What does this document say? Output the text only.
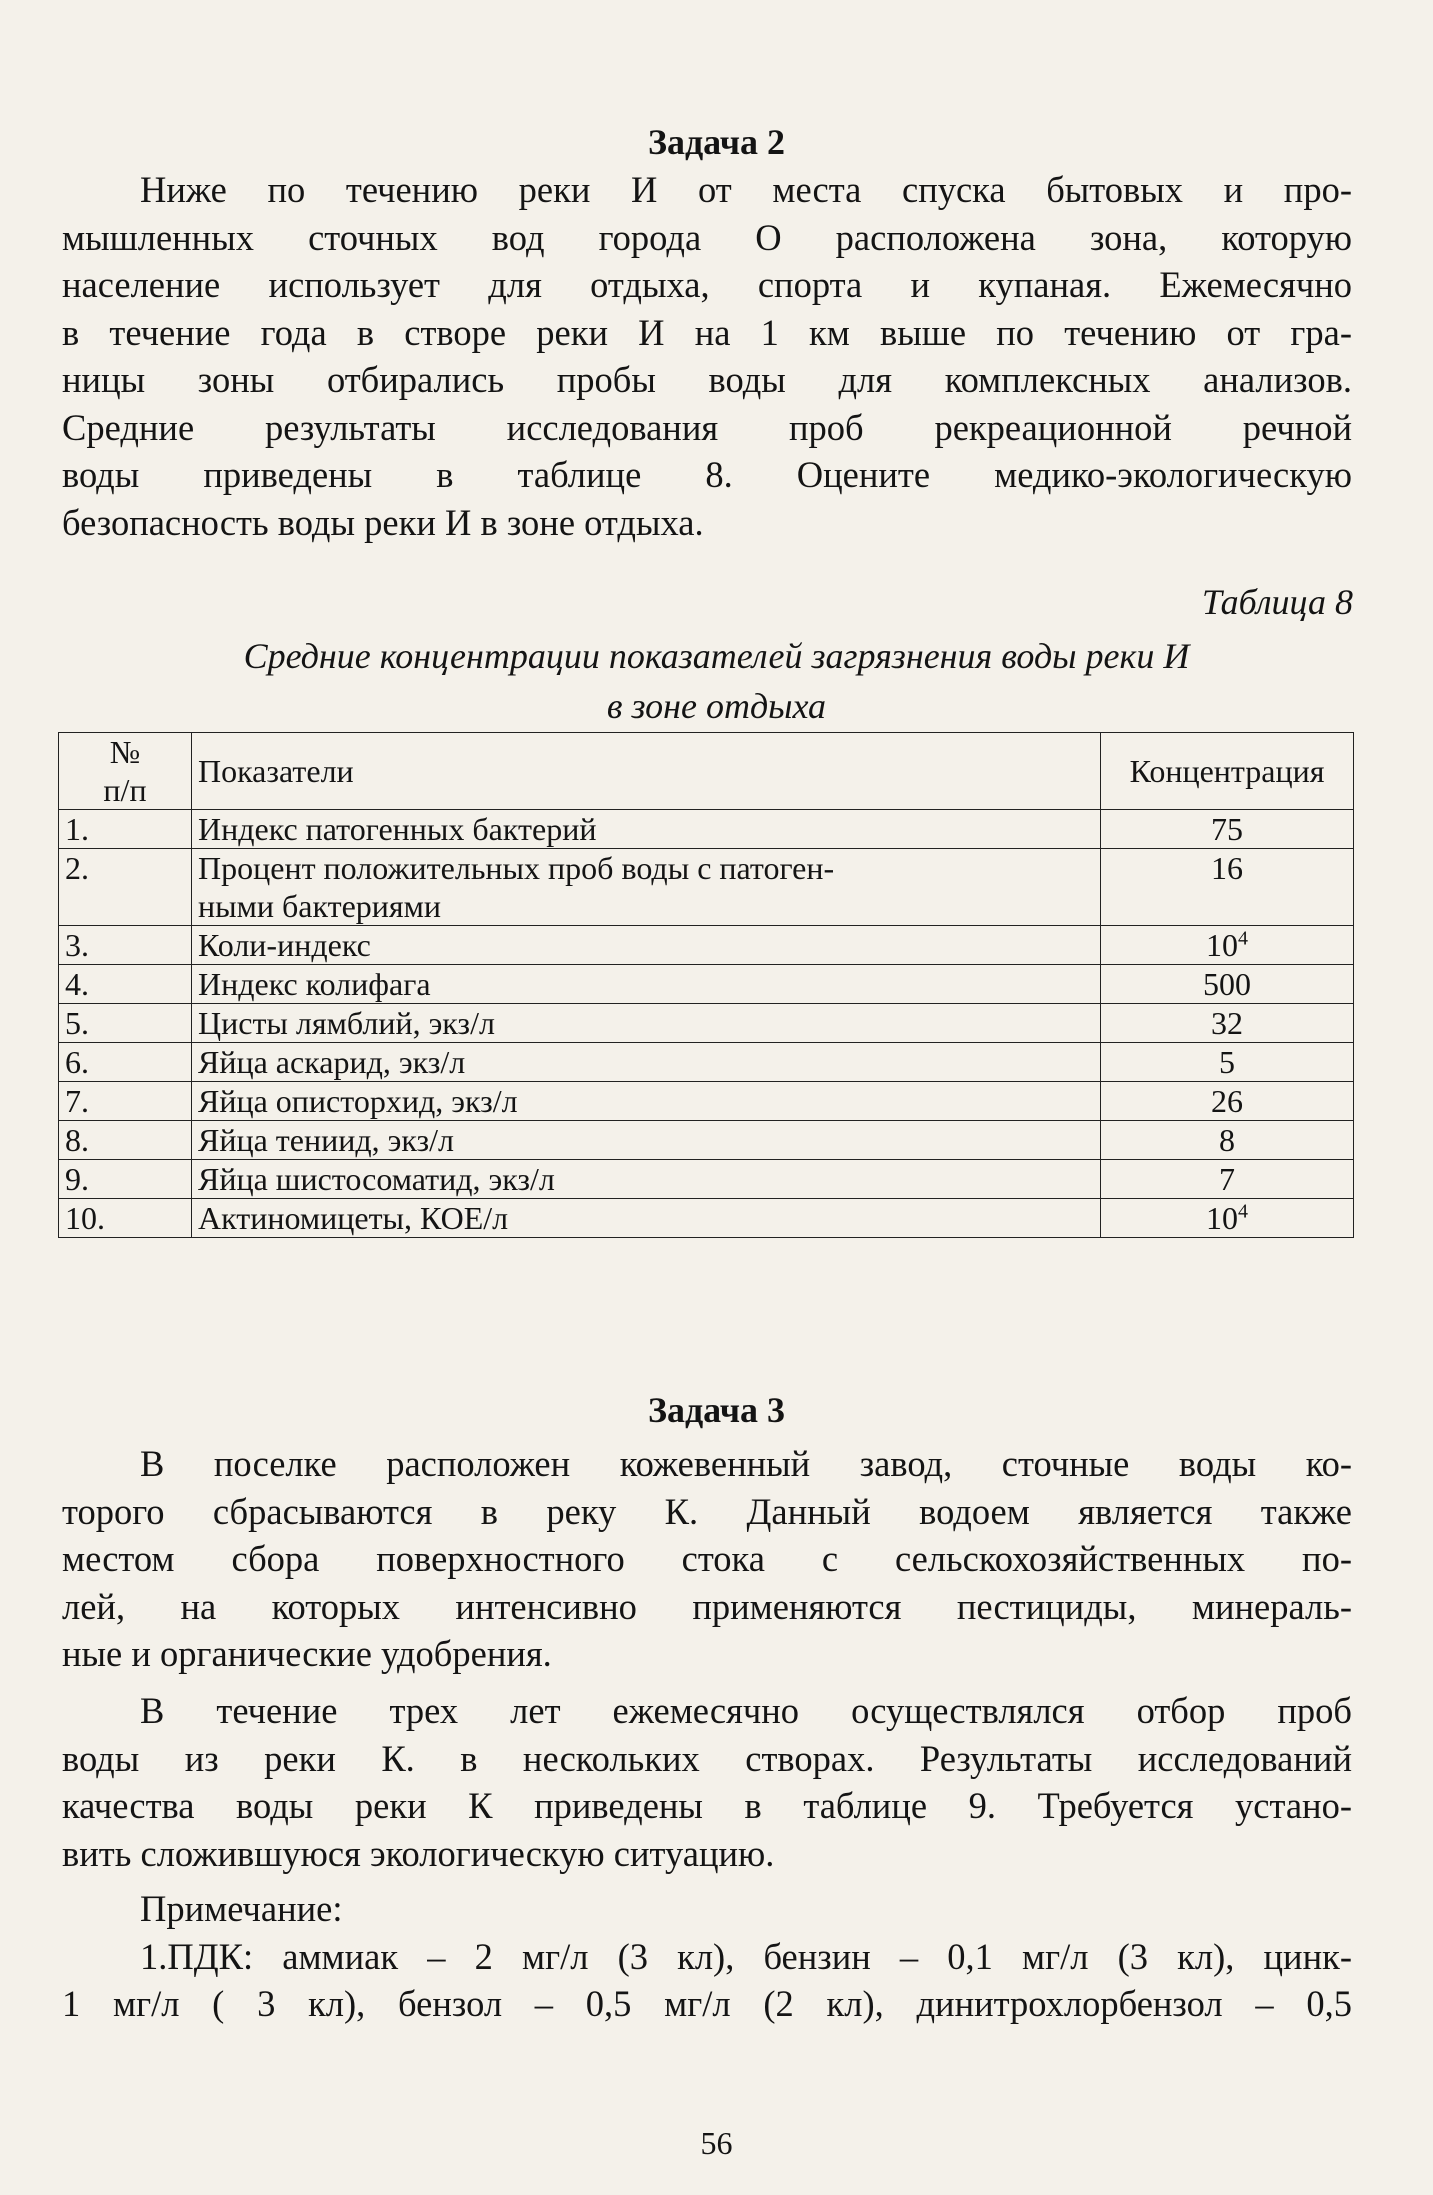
Задача 2
Ниже по течению реки И от места спуска бытовых и про-
мышленных сточных вод города О расположена зона, которую
население использует для отдыха, спорта и купаная. Ежемесячно
в течение года в створе реки И на 1 км выше по течению от гра-
ницы зоны отбирались пробы воды для комплексных анализов.
Средние результаты исследования проб рекреационной речной
воды приведены в таблице 8. Оцените медико-экологическую
безопасность воды реки И в зоне отдыха.
Таблица 8
Средние концентрации показателей загрязнения воды реки И
в зоне отдыха
№
п/п	Показатели	Концентрация
1.	Индекс патогенных бактерий	75
2.	Процент положительных проб воды с патоген-
ными бактериями	16
3.	Коли-индекс	$10^4$
4.	Индекс колифага	500
5.	Цисты лямблий, экз/л	32
6.	Яйца аскарид, экз/л	5
7.	Яйца описторхид, экз/л	26
8.	Яйца тениид, экз/л	8
9.	Яйца шистосоматид, экз/л	7
10.	Актиномицеты, КОЕ/л	$10^4$
Задача 3
В поселке расположен кожевенный завод, сточные воды ко-
торого сбрасываются в реку К. Данный водоем является также
местом сбора поверхностного стока с сельскохозяйственных по-
лей, на которых интенсивно применяются пестициды, минераль-
ные и органические удобрения.
В течение трех лет ежемесячно осуществлялся отбор проб
воды из реки К. в нескольких створах. Результаты исследований
качества воды реки К приведены в таблице 9. Требуется устано-
вить сложившуюся экологическую ситуацию.
Примечание:
1.ПДК: аммиак – 2 мг/л (3 кл), бензин – 0,1 мг/л (3 кл), цинк-
1 мг/л ( 3 кл), бензол – 0,5 мг/л (2 кл), динитрохлорбензол – 0,5
56
